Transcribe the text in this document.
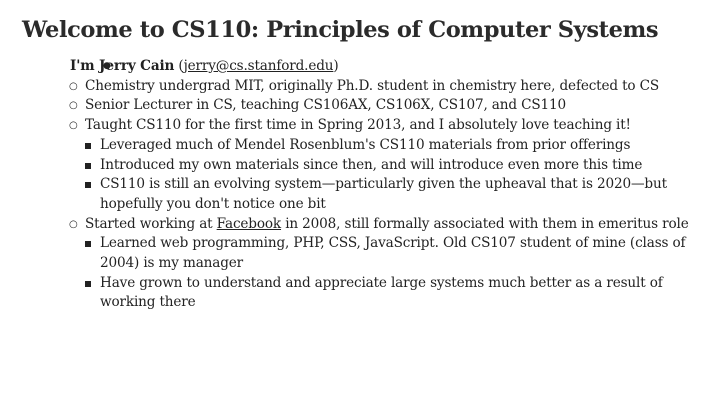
Welcome to CS110: Principles of Computer Systems
● I'm Jerry Cain (jerry@cs.stanford.edu)
○ Chemistry undergrad MIT, originally Ph.D. student in chemistry here, defected to CS
○ Senior Lecturer in CS, teaching CS106AX, CS106X, CS107, and CS110
○ Taught CS110 for the first time in Spring 2013, and I absolutely love teaching it!
Leveraged much of Mendel Rosenblum's CS110 materials from prior offerings
Introduced my own materials since then, and will introduce even more this time
CS110 is still an evolving system—particularly given the upheaval that is 2020—but hopefully you don't notice one bit
○ Started working at Facebook in 2008, still formally associated with them in emeritus role
Learned web programming, PHP, CSS, JavaScript. Old CS107 student of mine (class of 2004) is my manager
Have grown to understand and appreciate large systems much better as a result of working there
